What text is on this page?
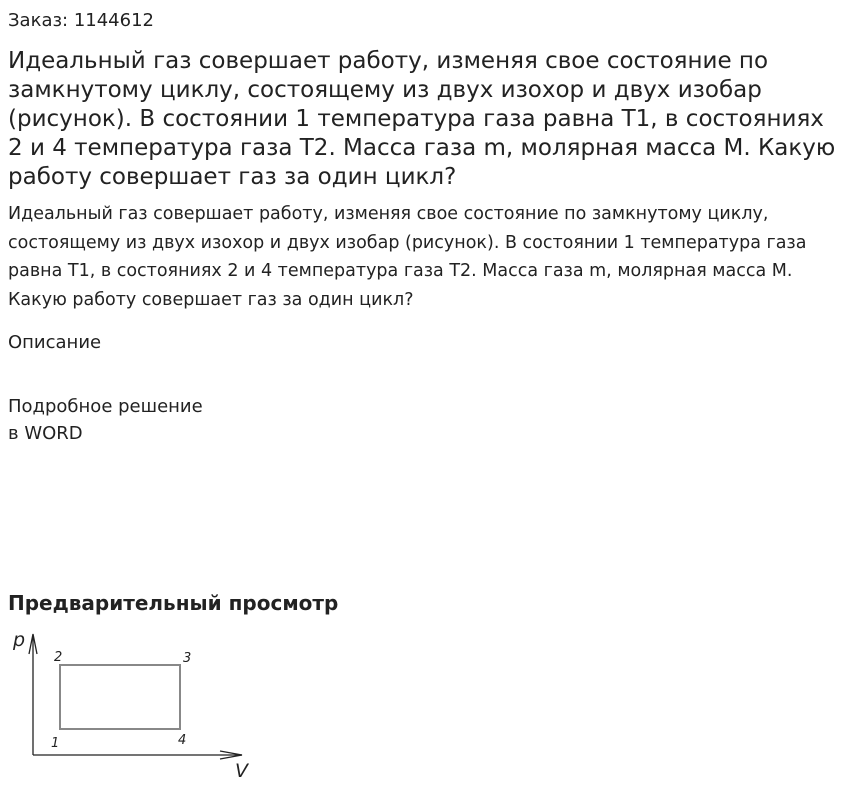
Заказ: 1144612
Идеальный газ совершает работу, изменяя свое состояние по замкнутому циклу, состоящему из двух изохор и двух изобар (рисунок). В состоянии 1 температура газа равна Т1, в состояниях 2 и 4 температура газа Т2. Масса газа m, молярная масса М. Какую работу совершает газ за один цикл?

Идеальный газ совершает работу, изменяя свое состояние по замкнутому циклу, состоящему из двух изохор и двух изобар (рисунок). В состоянии 1 температура газа равна Т1, в состояниях 2 и 4 температура газа Т2. Масса газа m, молярная масса М. Какую работу совершает газ за один цикл?

Описание
Подробное решение
в WORD
Предварительный просмотр
p
V
2	3
1	4
